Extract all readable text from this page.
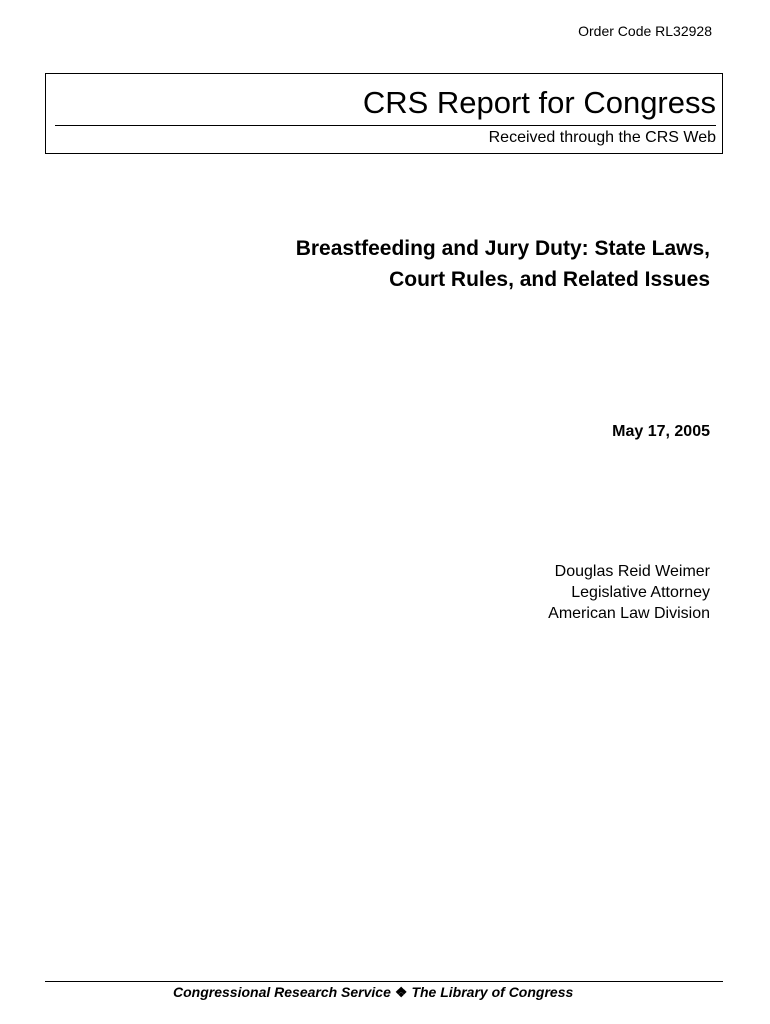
Order Code RL32928
CRS Report for Congress
Received through the CRS Web
Breastfeeding and Jury Duty: State Laws,
Court Rules, and Related Issues
May 17, 2005
Douglas Reid Weimer
Legislative Attorney
American Law Division
Congressional Research Service ❖ The Library of Congress
